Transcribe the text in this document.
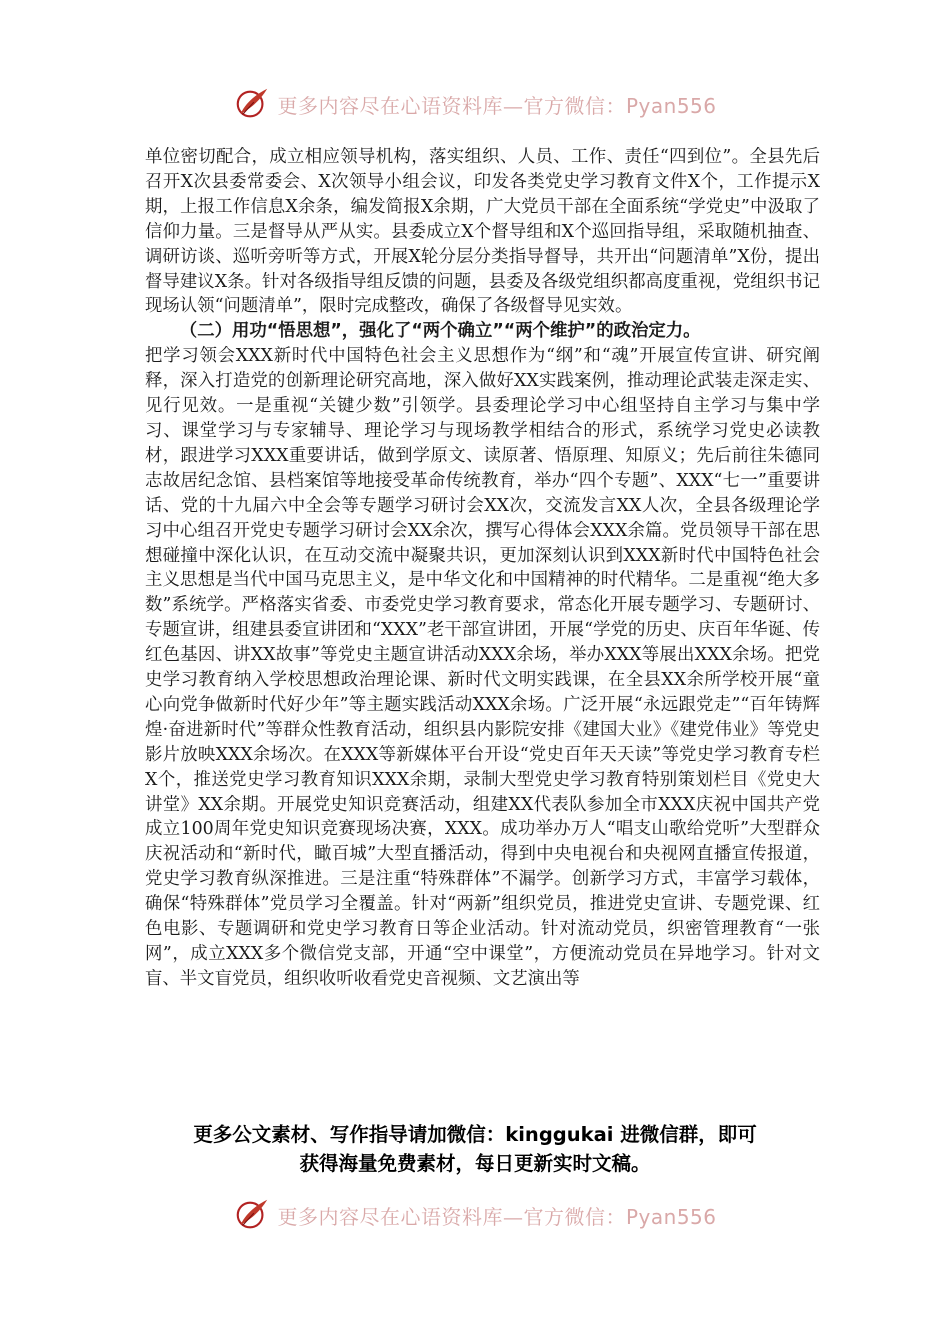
更多内容尽在心语资料库—官方微信：Pyan556

单位密切配合，成立相应领导机构，落实组织、人员、工作、责任“四到位”。全县先后召开X次县委常委会、X次领导小组会议，印发各类党史学习教育文件X个，工作提示X期，上报工作信息X余条，编发简报X余期，广大党员干部在全面系统“学党史”中汲取了信仰力量。三是督导从严从实。县委成立X个督导组和X个巡回指导组，采取随机抽查、调研访谈、巡听旁听等方式，开展X轮分层分类指导督导，共开出“问题清单”X份，提出督导建议X条。针对各级指导组反馈的问题，县委及各级党组织都高度重视，党组织书记现场认领“问题清单”，限时完成整改，确保了各级督导见实效。

（二）用功“悟思想”，强化了“两个确立”“两个维护”的政治定力。

把学习领会XXX新时代中国特色社会主义思想作为“纲”和“魂”开展宣传宣讲、研究阐释，深入打造党的创新理论研究高地，深入做好XX实践案例，推动理论武装走深走实、见行见效。一是重视“关键少数”引领学。县委理论学习中心组坚持自主学习与集中学习、课堂学习与专家辅导、理论学习与现场教学相结合的形式，系统学习党史必读教材，跟进学习XXX重要讲话，做到学原文、读原著、悟原理、知原义；先后前往朱德同志故居纪念馆、县档案馆等地接受革命传统教育，举办“四个专题”、XXX“七一”重要讲话、党的十九届六中全会等专题学习研讨会XX次，交流发言XX人次，全县各级理论学习中心组召开党史专题学习研讨会XX余次，撰写心得体会XXX余篇。党员领导干部在思想碰撞中深化认识，在互动交流中凝聚共识，更加深刻认识到XXX新时代中国特色社会主义思想是当代中国马克思主义，是中华文化和中国精神的时代精华。二是重视“绝大多数”系统学。严格落实省委、市委党史学习教育要求，常态化开展专题学习、专题研讨、专题宣讲，组建县委宣讲团和“XXX”老干部宣讲团，开展“学党的历史、庆百年华诞、传红色基因、讲XX故事”等党史主题宣讲活动XXX余场，举办XXX等展出XXX余场。把党史学习教育纳入学校思想政治理论课、新时代文明实践课，在全县XX余所学校开展“童心向党争做新时代好少年”等主题实践活动XXX余场。广泛开展“永远跟党走”“百年铸辉煌·奋进新时代”等群众性教育活动，组织县内影院安排《建国大业》《建党伟业》等党史影片放映XXX余场次。在XXX等新媒体平台开设“党史百年天天读”等党史学习教育专栏X个，推送党史学习教育知识XXX余期，录制大型党史学习教育特别策划栏目《党史大讲堂》XX余期。开展党史知识竞赛活动，组建XX代表队参加全市XXX庆祝中国共产党成立100周年党史知识竞赛现场决赛，XXX。成功举办万人“唱支山歌给党听”大型群众庆祝活动和“新时代，瞰百城”大型直播活动，得到中央电视台和央视网直播宣传报道，党史学习教育纵深推进。三是注重“特殊群体”不漏学。创新学习方式，丰富学习载体，确保“特殊群体”党员学习全覆盖。针对“两新”组织党员，推进党史宣讲、专题党课、红色电影、专题调研和党史学习教育日等企业活动。针对流动党员，织密管理教育“一张网”，成立XXX多个微信党支部，开通“空中课堂”，方便流动党员在异地学习。针对文盲、半文盲党员，组织收听收看党史音视频、文艺演出等

更多公文素材、写作指导请加微信：kinggukai 进微信群，即可
获得海量免费素材，每日更新实时文稿。
更多内容尽在心语资料库—官方微信：Pyan556
